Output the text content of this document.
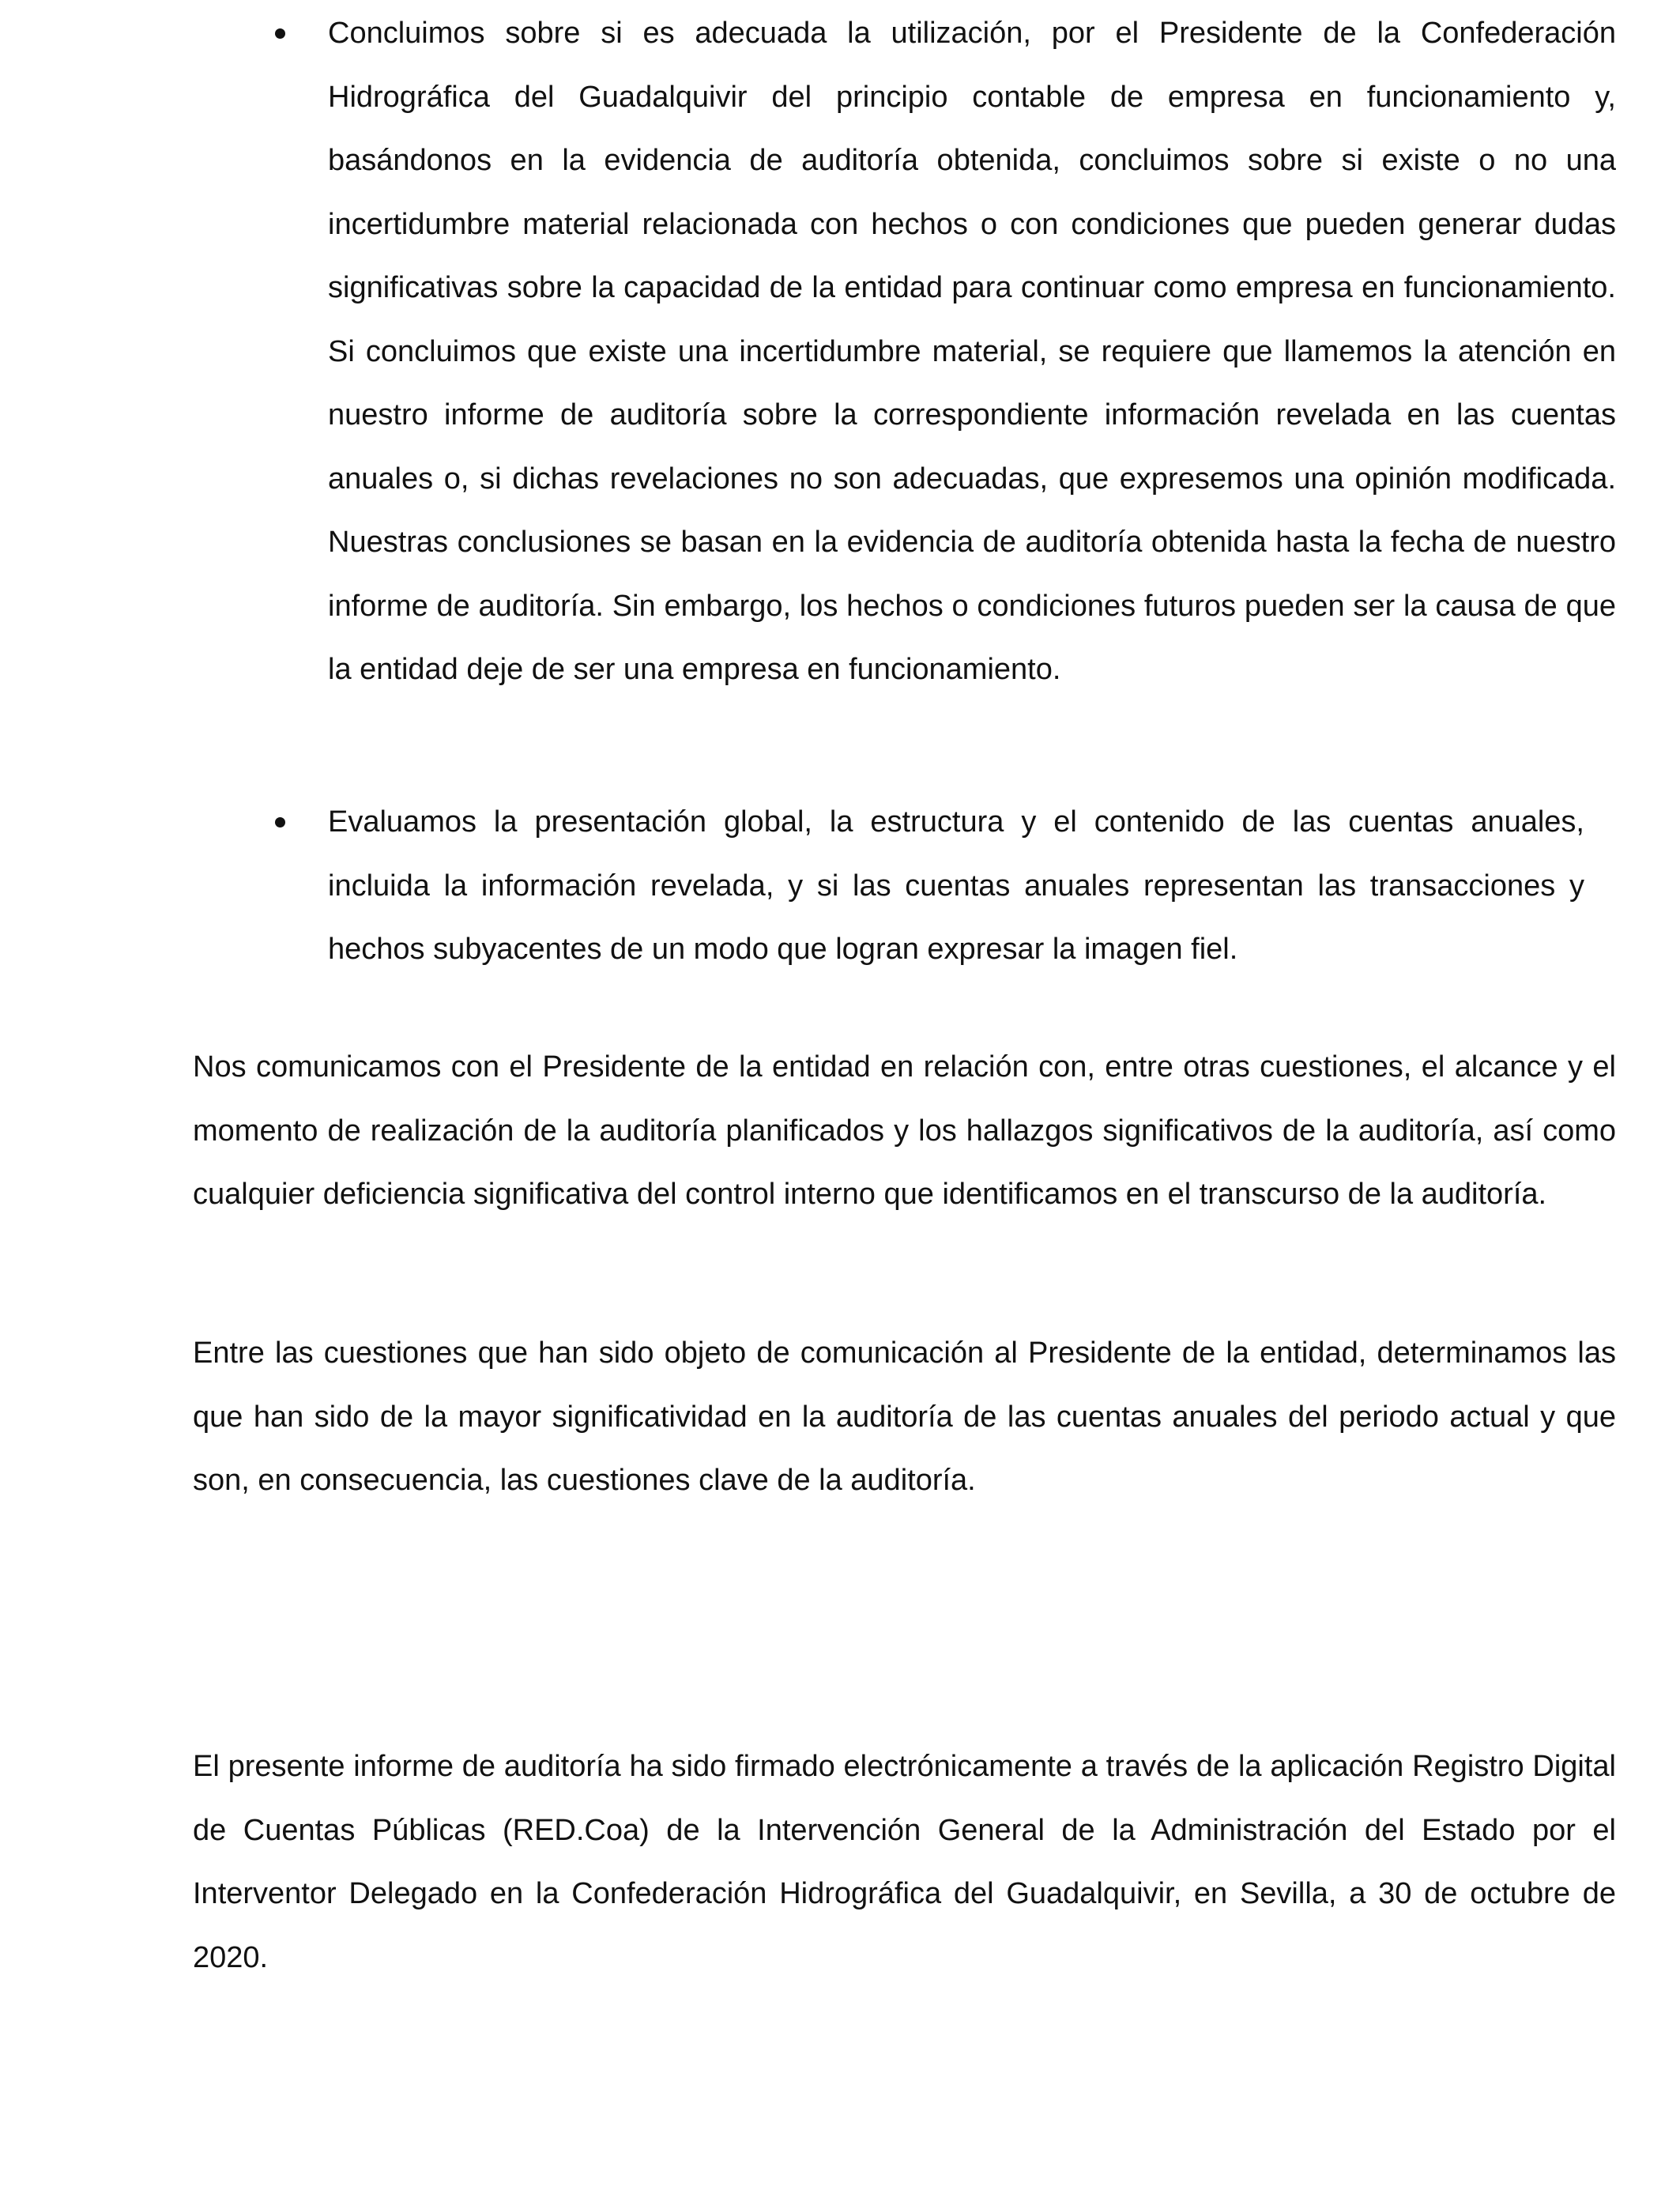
Concluimos sobre si es adecuada la utilización, por el Presidente de la Confederación Hidrográfica del Guadalquivir del principio contable de empresa en funcionamiento y, basándonos en la evidencia de auditoría obtenida, concluimos sobre si existe o no una incertidumbre material relacionada con hechos o con condiciones que pueden generar dudas significativas sobre la capacidad de la entidad para continuar como empresa en funcionamiento. Si concluimos que existe una incertidumbre material, se requiere que llamemos la atención en nuestro informe de auditoría sobre la correspondiente información revelada en las cuentas anuales o, si dichas revelaciones no son adecuadas, que expresemos una opinión modificada. Nuestras conclusiones se basan en la evidencia de auditoría obtenida hasta la fecha de nuestro informe de auditoría. Sin embargo, los hechos o condiciones futuros pueden ser la causa de que la entidad deje de ser una empresa en funcionamiento.

Evaluamos la presentación global, la estructura y el contenido de las cuentas anuales, incluida la información revelada, y si las cuentas anuales representan las transacciones y hechos subyacentes de un modo que logran expresar la imagen fiel.

Nos comunicamos con el Presidente de la entidad en relación con, entre otras cuestiones, el alcance y el momento de realización de la auditoría planificados y los hallazgos significativos de la auditoría, así como cualquier deficiencia significativa del control interno que identificamos en el transcurso de la auditoría.

Entre las cuestiones que han sido objeto de comunicación al Presidente de la entidad, determinamos las que han sido de la mayor significatividad en la auditoría de las cuentas anuales del periodo actual y que son, en consecuencia, las cuestiones clave de la auditoría.

El presente informe de auditoría ha sido firmado electrónicamente a través de la aplicación Registro Digital de Cuentas Públicas (RED.Coa) de la Intervención General de la Administración del Estado por el Interventor Delegado en la Confederación Hidrográfica del Guadalquivir, en Sevilla, a 30 de octubre de 2020.
